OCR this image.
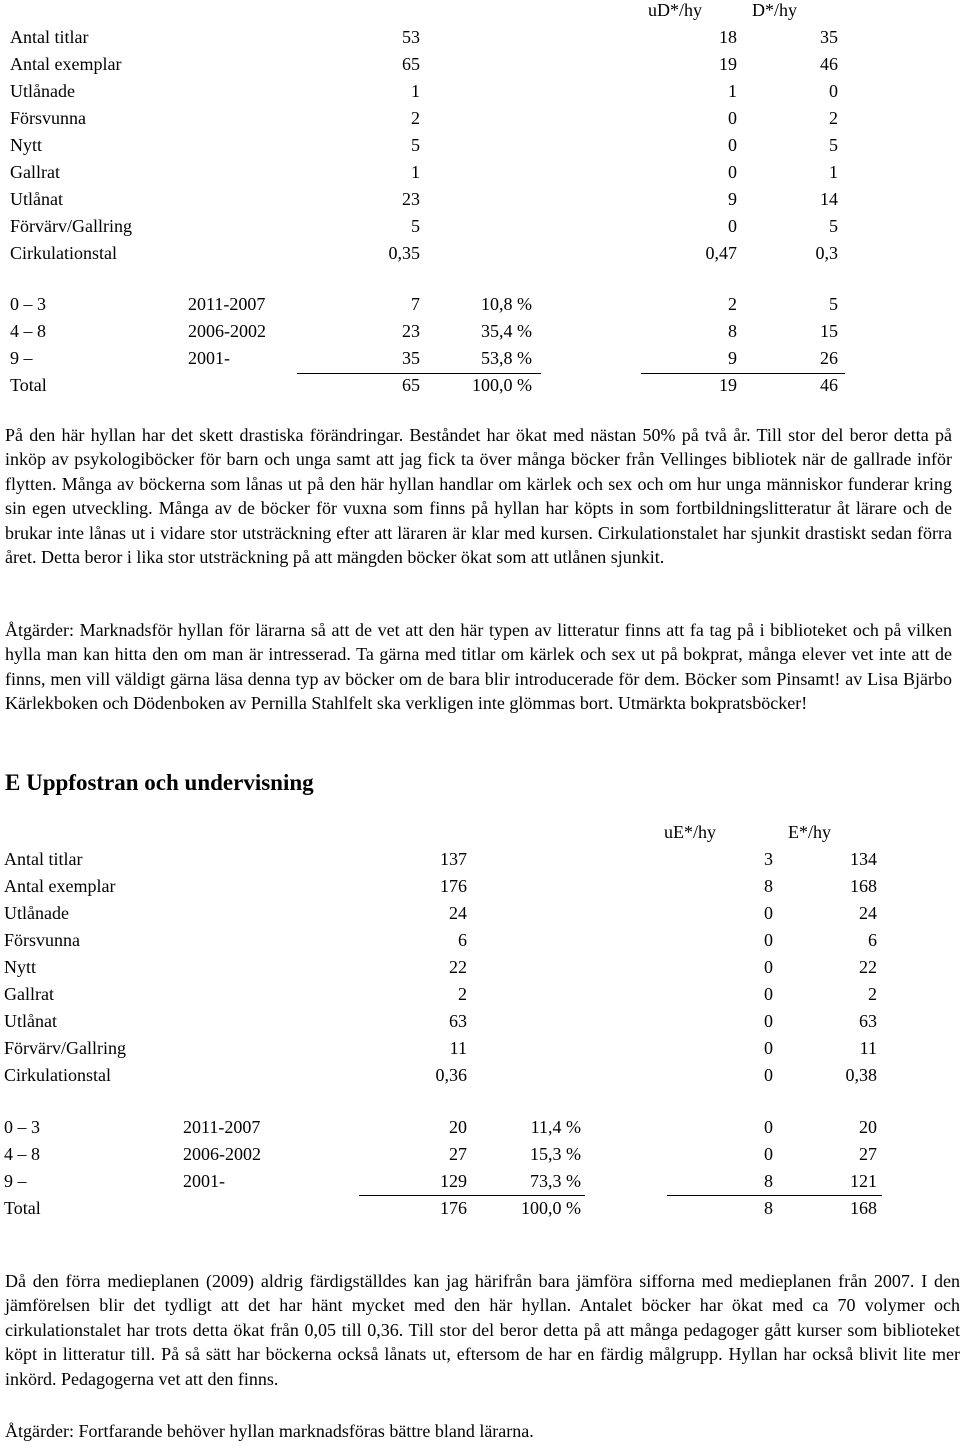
uD*/hy	D*/hy
Antal titlar	53	18	35
Antal exemplar	65	19	46
Utlånade	1	1	0
Försvunna	2	0	2
Nytt	5	0	5
Gallrat	1	0	1
Utlånat	23	9	14
Förvärv/Gallring	5	0	5
Cirkulationstal	0,35	0,47	0,3
0 – 3	2011-2007	7	10,8 %	2	5
4 – 8	2006-2002	23	35,4 %	8	15
9 –	2001-	35	53,8 %	9	26
Total	65	100,0 %	19	46

På den här hyllan har det skett drastiska förändringar. Beståndet har ökat med nästan 50% på två år. Till stor del beror detta på inköp av psykologiböcker för barn och unga samt att jag fick ta över många böcker från Vellinges bibliotek när de gallrade inför flytten. Många av böckerna som lånas ut på den här hyllan handlar om kärlek och sex och om hur unga människor funderar kring sin egen utveckling. Många av de böcker för vuxna som finns på hyllan har köpts in som fortbildningslitteratur åt lärare och de brukar inte lånas ut i vidare stor utsträckning efter att läraren är klar med kursen. Cirkulationstalet har sjunkit drastiskt sedan förra året. Detta beror i lika stor utsträckning på att mängden böcker ökat som att utlånen sjunkit.

Åtgärder: Marknadsför hyllan för lärarna så att de vet att den här typen av litteratur finns att fa tag på i biblioteket och på vilken hylla man kan hitta den om man är intresserad. Ta gärna med titlar om kärlek och sex ut på bokprat, många elever vet inte att de finns, men vill väldigt gärna läsa denna typ av böcker om de bara blir introducerade för dem. Böcker som Pinsamt! av Lisa Bjärbo Kärlekboken och Dödenboken av Pernilla Stahlfelt ska verkligen inte glömmas bort. Utmärkta bokpratsböcker!

E Uppfostran och undervisning
uE*/hy	E*/hy
Antal titlar	137	3	134
Antal exemplar	176	8	168
Utlånade	24	0	24
Försvunna	6	0	6
Nytt	22	0	22
Gallrat	2	0	2
Utlånat	63	0	63
Förvärv/Gallring	11	0	11
Cirkulationstal	0,36	0	0,38
0 – 3	2011-2007	20	11,4 %	0	20
4 – 8	2006-2002	27	15,3 %	0	27
9 –	2001-	129	73,3 %	8	121
Total	176	100,0 %	8	168

Då den förra medieplanen (2009) aldrig färdigställdes kan jag härifrån bara jämföra sifforna med medieplanen från 2007. I den jämförelsen blir det tydligt att det har hänt mycket med den här hyllan. Antalet böcker har ökat med ca 70 volymer och cirkulationstalet har trots detta ökat från 0,05 till 0,36. Till stor del beror detta på att många pedagoger gått kurser som biblioteket köpt in litteratur till. På så sätt har böckerna också lånats ut, eftersom de har en färdig målgrupp. Hyllan har också blivit lite mer inkörd. Pedagogerna vet att den finns.

Åtgärder: Fortfarande behöver hyllan marknadsföras bättre bland lärarna.
